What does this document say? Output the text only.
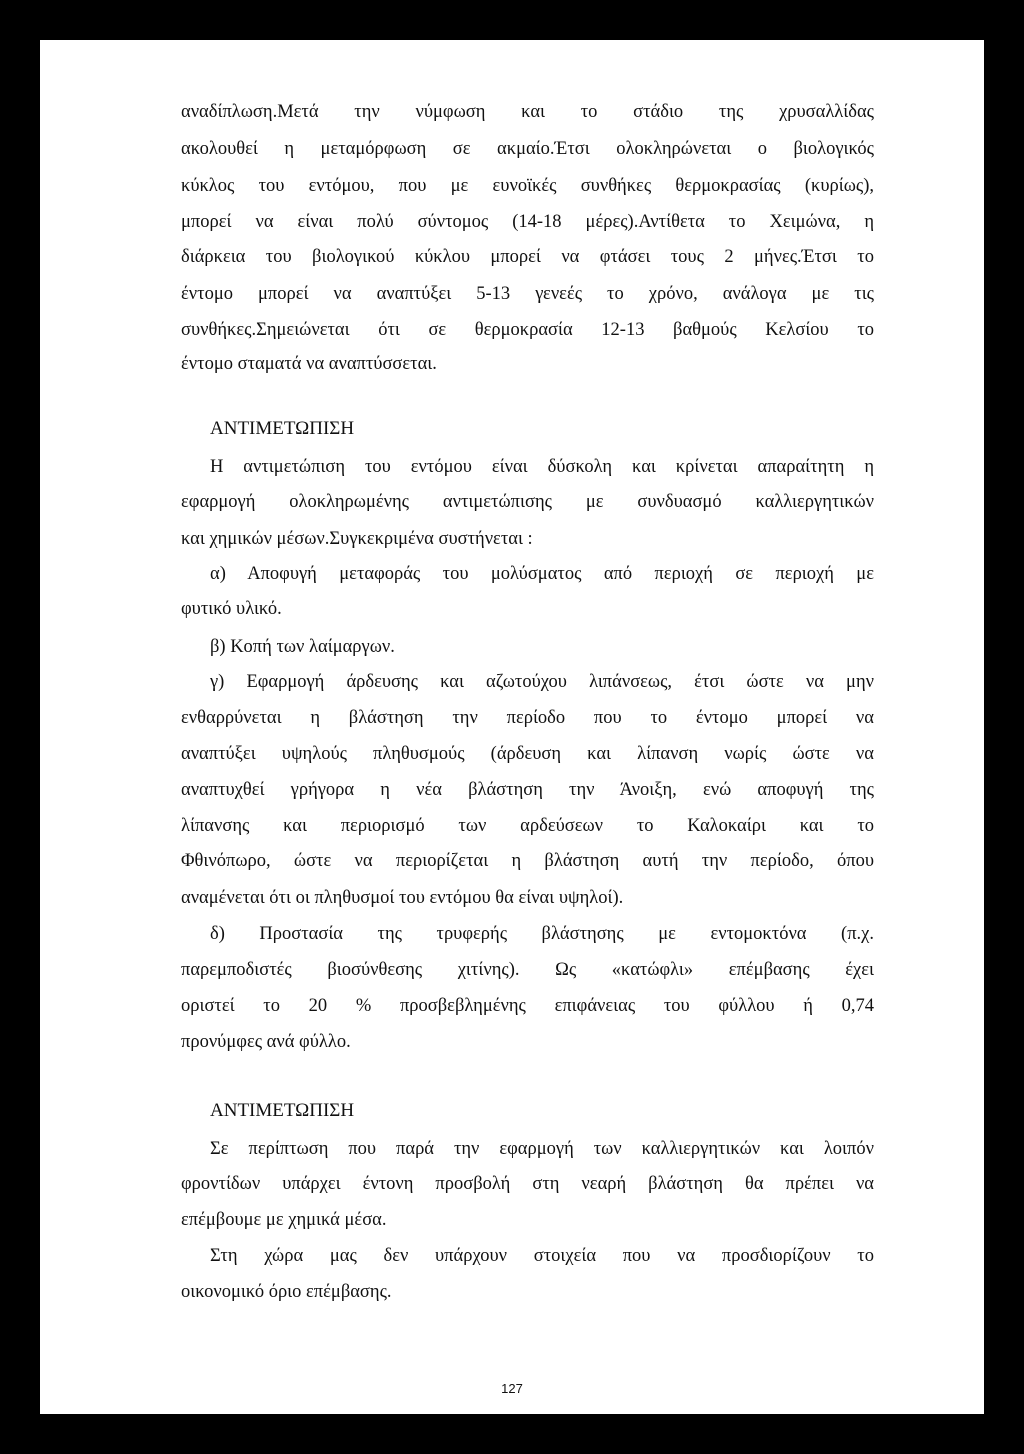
αναδίπλωση.Μετά την νύμφωση και το στάδιο της χρυσαλλίδας
ακολουθεί η μεταμόρφωση σε ακμαίο.Έτσι ολοκληρώνεται ο βιολογικός
κύκλος του εντόμου, που με ευνοϊκές συνθήκες θερμοκρασίας (κυρίως),
μπορεί να είναι πολύ σύντομος (14-18 μέρες).Αντίθετα το Χειμώνα, η
διάρκεια του βιολογικού κύκλου μπορεί να φτάσει τους 2 μήνες.Έτσι το
έντομο μπορεί να αναπτύξει 5-13 γενεές το χρόνο, ανάλογα με τις
συνθήκες.Σημειώνεται ότι σε θερμοκρασία 12-13 βαθμούς Κελσίου το
έντομο σταματά να αναπτύσσεται.
ΑΝΤΙΜΕΤΩΠΙΣΗ
Η αντιμετώπιση του εντόμου είναι δύσκολη και κρίνεται απαραίτητη η
εφαρμογή ολοκληρωμένης αντιμετώπισης με συνδυασμό καλλιεργητικών
και χημικών μέσων.Συγκεκριμένα συστήνεται :
α) Αποφυγή μεταφοράς του μολύσματος από περιοχή σε περιοχή με
φυτικό υλικό.
β) Κοπή των λαίμαργων.
γ) Εφαρμογή άρδευσης και αζωτούχου λιπάνσεως, έτσι ώστε να μην
ενθαρρύνεται η βλάστηση την περίοδο που το έντομο μπορεί να
αναπτύξει υψηλούς πληθυσμούς (άρδευση και λίπανση νωρίς ώστε να
αναπτυχθεί γρήγορα η νέα βλάστηση την Άνοιξη, ενώ αποφυγή της
λίπανσης και περιορισμό των αρδεύσεων το Καλοκαίρι και το
Φθινόπωρο, ώστε να περιορίζεται η βλάστηση αυτή την περίοδο, όπου
αναμένεται ότι οι πληθυσμοί του εντόμου θα είναι υψηλοί).
δ) Προστασία της τρυφερής βλάστησης με εντομοκτόνα (π.χ.
παρεμποδιστές βιοσύνθεσης χιτίνης). Ως «κατώφλι» επέμβασης έχει
οριστεί το 20 % προσβεβλημένης επιφάνειας του φύλλου ή 0,74
προνύμφες ανά φύλλο.
ΑΝΤΙΜΕΤΩΠΙΣΗ
Σε περίπτωση που παρά την εφαρμογή των καλλιεργητικών και λοιπόν
φροντίδων υπάρχει έντονη προσβολή στη νεαρή βλάστηση θα πρέπει να
επέμβουμε με χημικά μέσα.
Στη χώρα μας δεν υπάρχουν στοιχεία που να προσδιορίζουν το
οικονομικό όριο επέμβασης.
127
